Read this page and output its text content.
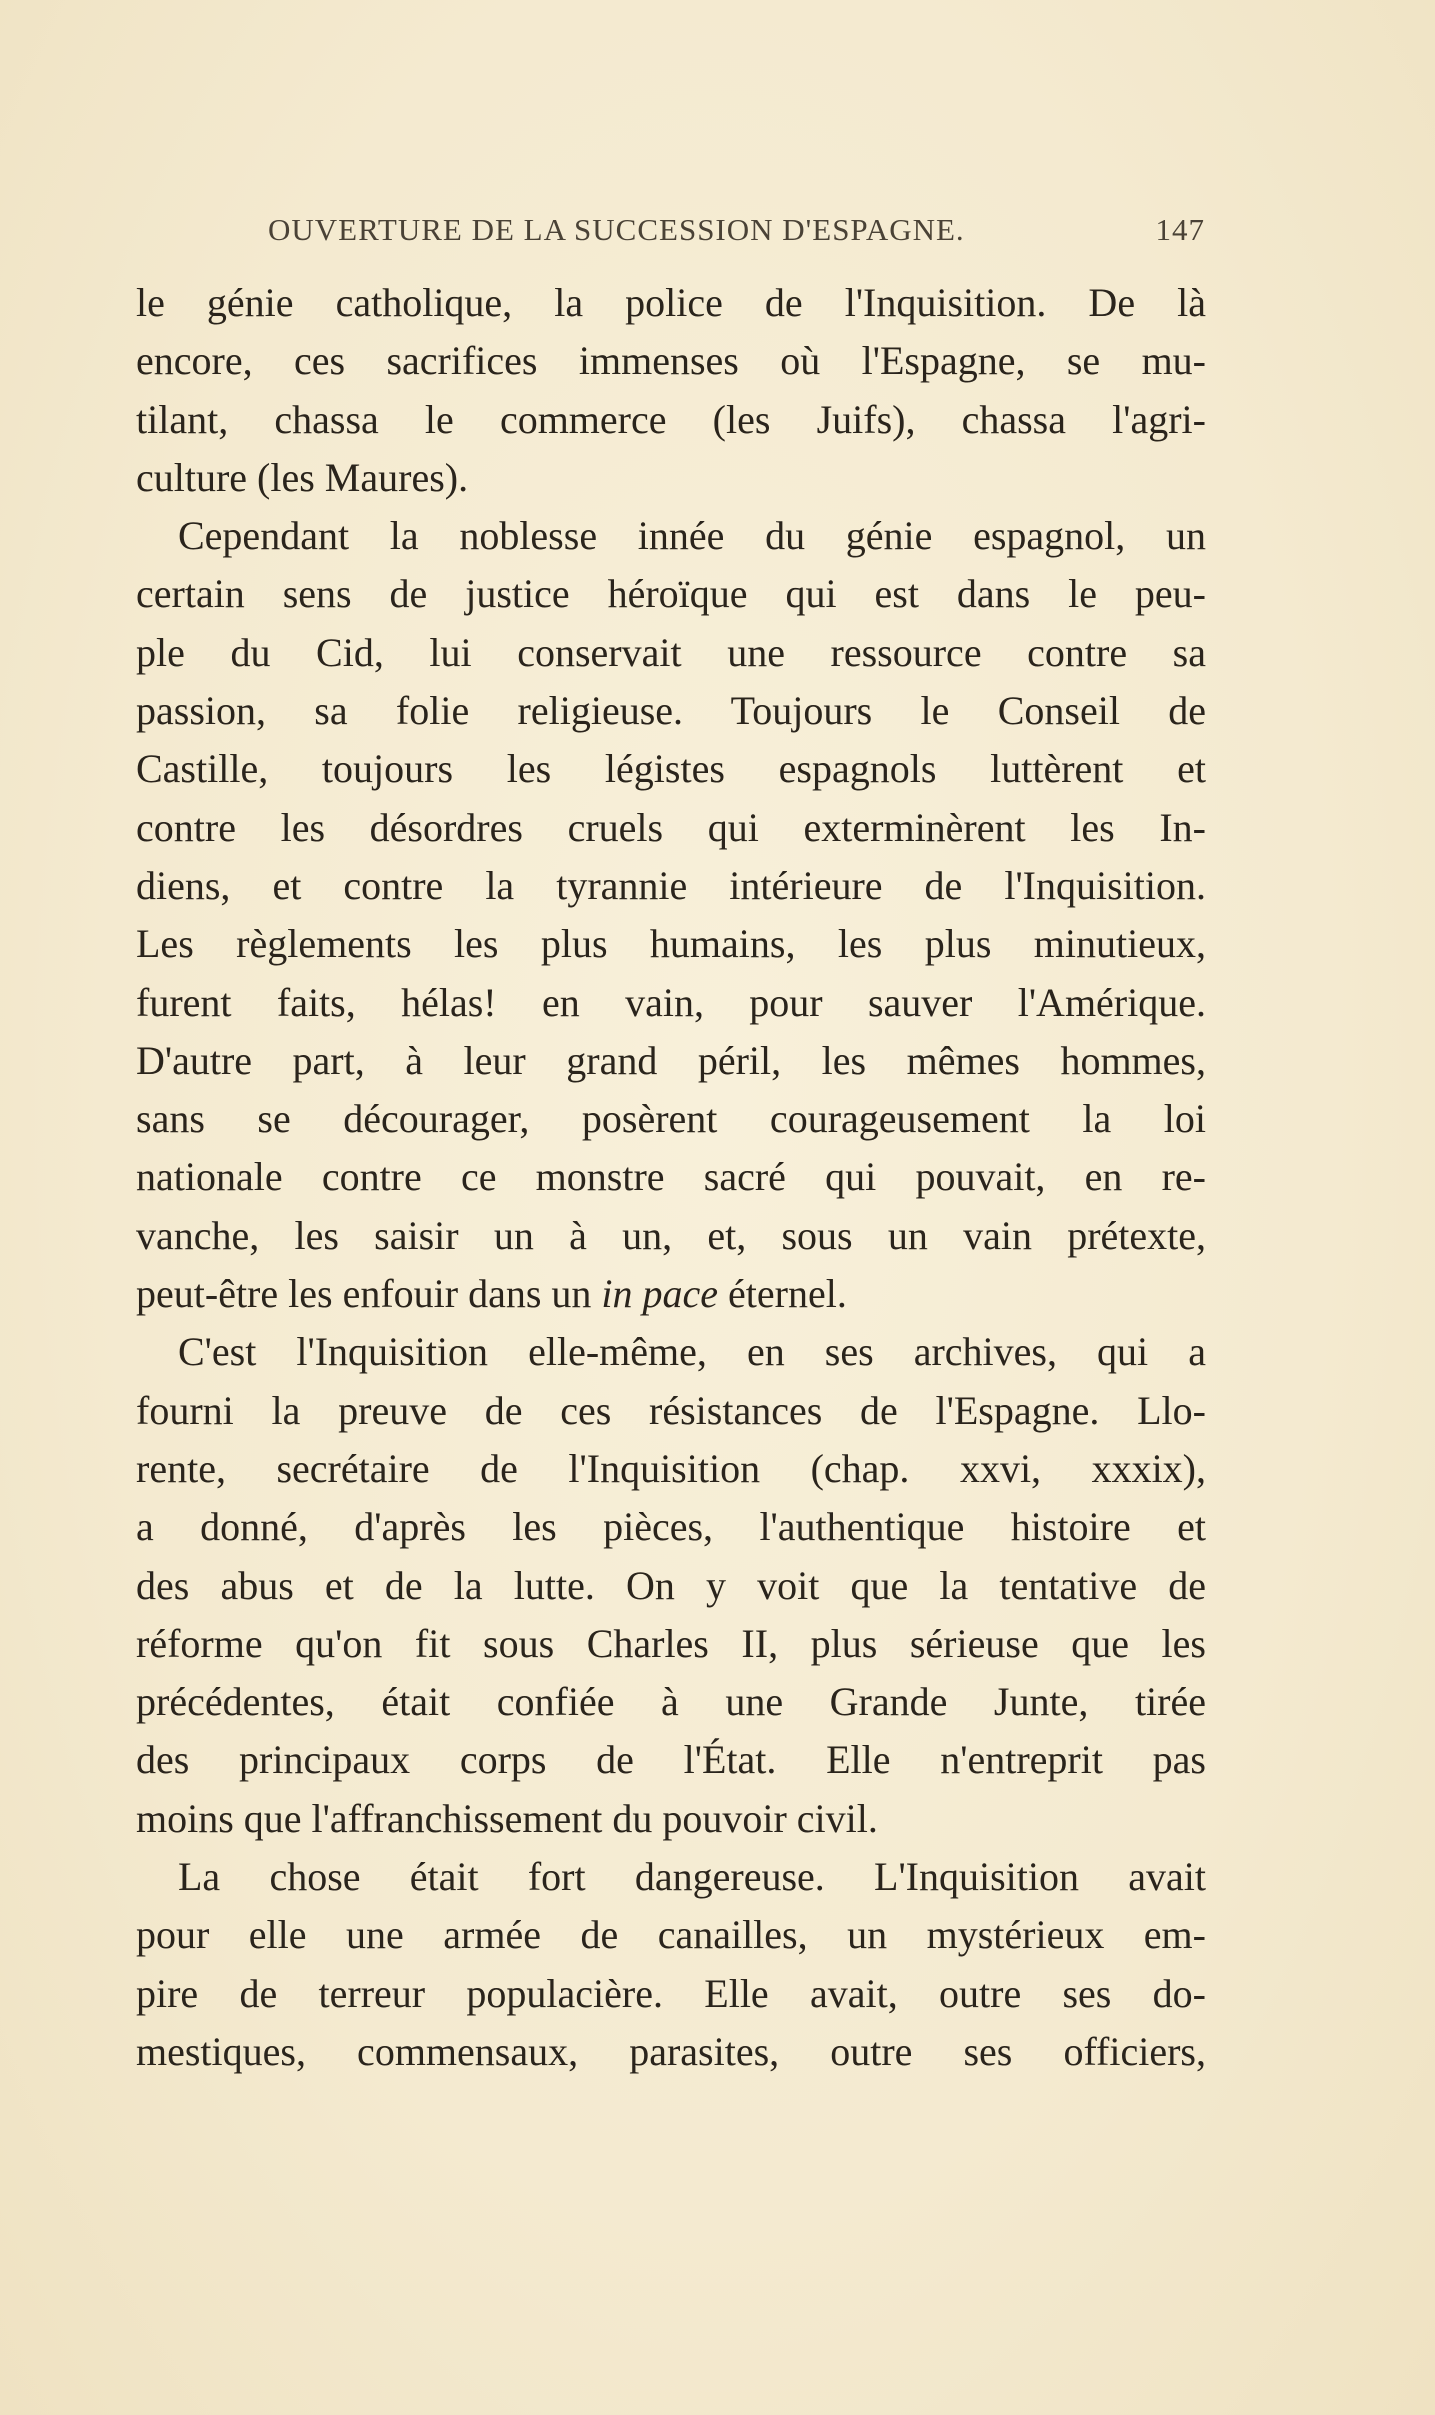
OUVERTURE DE LA SUCCESSION D'ESPAGNE.	147
le génie catholique, la police de l'Inquisition. De là
encore, ces sacrifices immenses où l'Espagne, se mu-
tilant, chassa le commerce (les Juifs), chassa l'agri-
culture (les Maures).
Cependant la noblesse innée du génie espagnol, un
certain sens de justice héroïque qui est dans le peu-
ple du Cid, lui conservait une ressource contre sa
passion, sa folie religieuse. Toujours le Conseil de
Castille, toujours les légistes espagnols luttèrent et
contre les désordres cruels qui exterminèrent les In-
diens, et contre la tyrannie intérieure de l'Inquisition.
Les règlements les plus humains, les plus minutieux,
furent faits, hélas! en vain, pour sauver l'Amérique.
D'autre part, à leur grand péril, les mêmes hommes,
sans se décourager, posèrent courageusement la loi
nationale contre ce monstre sacré qui pouvait, en re-
vanche, les saisir un à un, et, sous un vain prétexte,
peut-être les enfouir dans un in pace éternel.
C'est l'Inquisition elle-même, en ses archives, qui a
fourni la preuve de ces résistances de l'Espagne. Llo-
rente, secrétaire de l'Inquisition (chap. xxvi, xxxix),
a donné, d'après les pièces, l'authentique histoire et
des abus et de la lutte. On y voit que la tentative de
réforme qu'on fit sous Charles II, plus sérieuse que les
précédentes, était confiée à une Grande Junte, tirée
des principaux corps de l'État. Elle n'entreprit pas
moins que l'affranchissement du pouvoir civil.
La chose était fort dangereuse. L'Inquisition avait
pour elle une armée de canailles, un mystérieux em-
pire de terreur populacière. Elle avait, outre ses do-
mestiques, commensaux, parasites, outre ses officiers,
